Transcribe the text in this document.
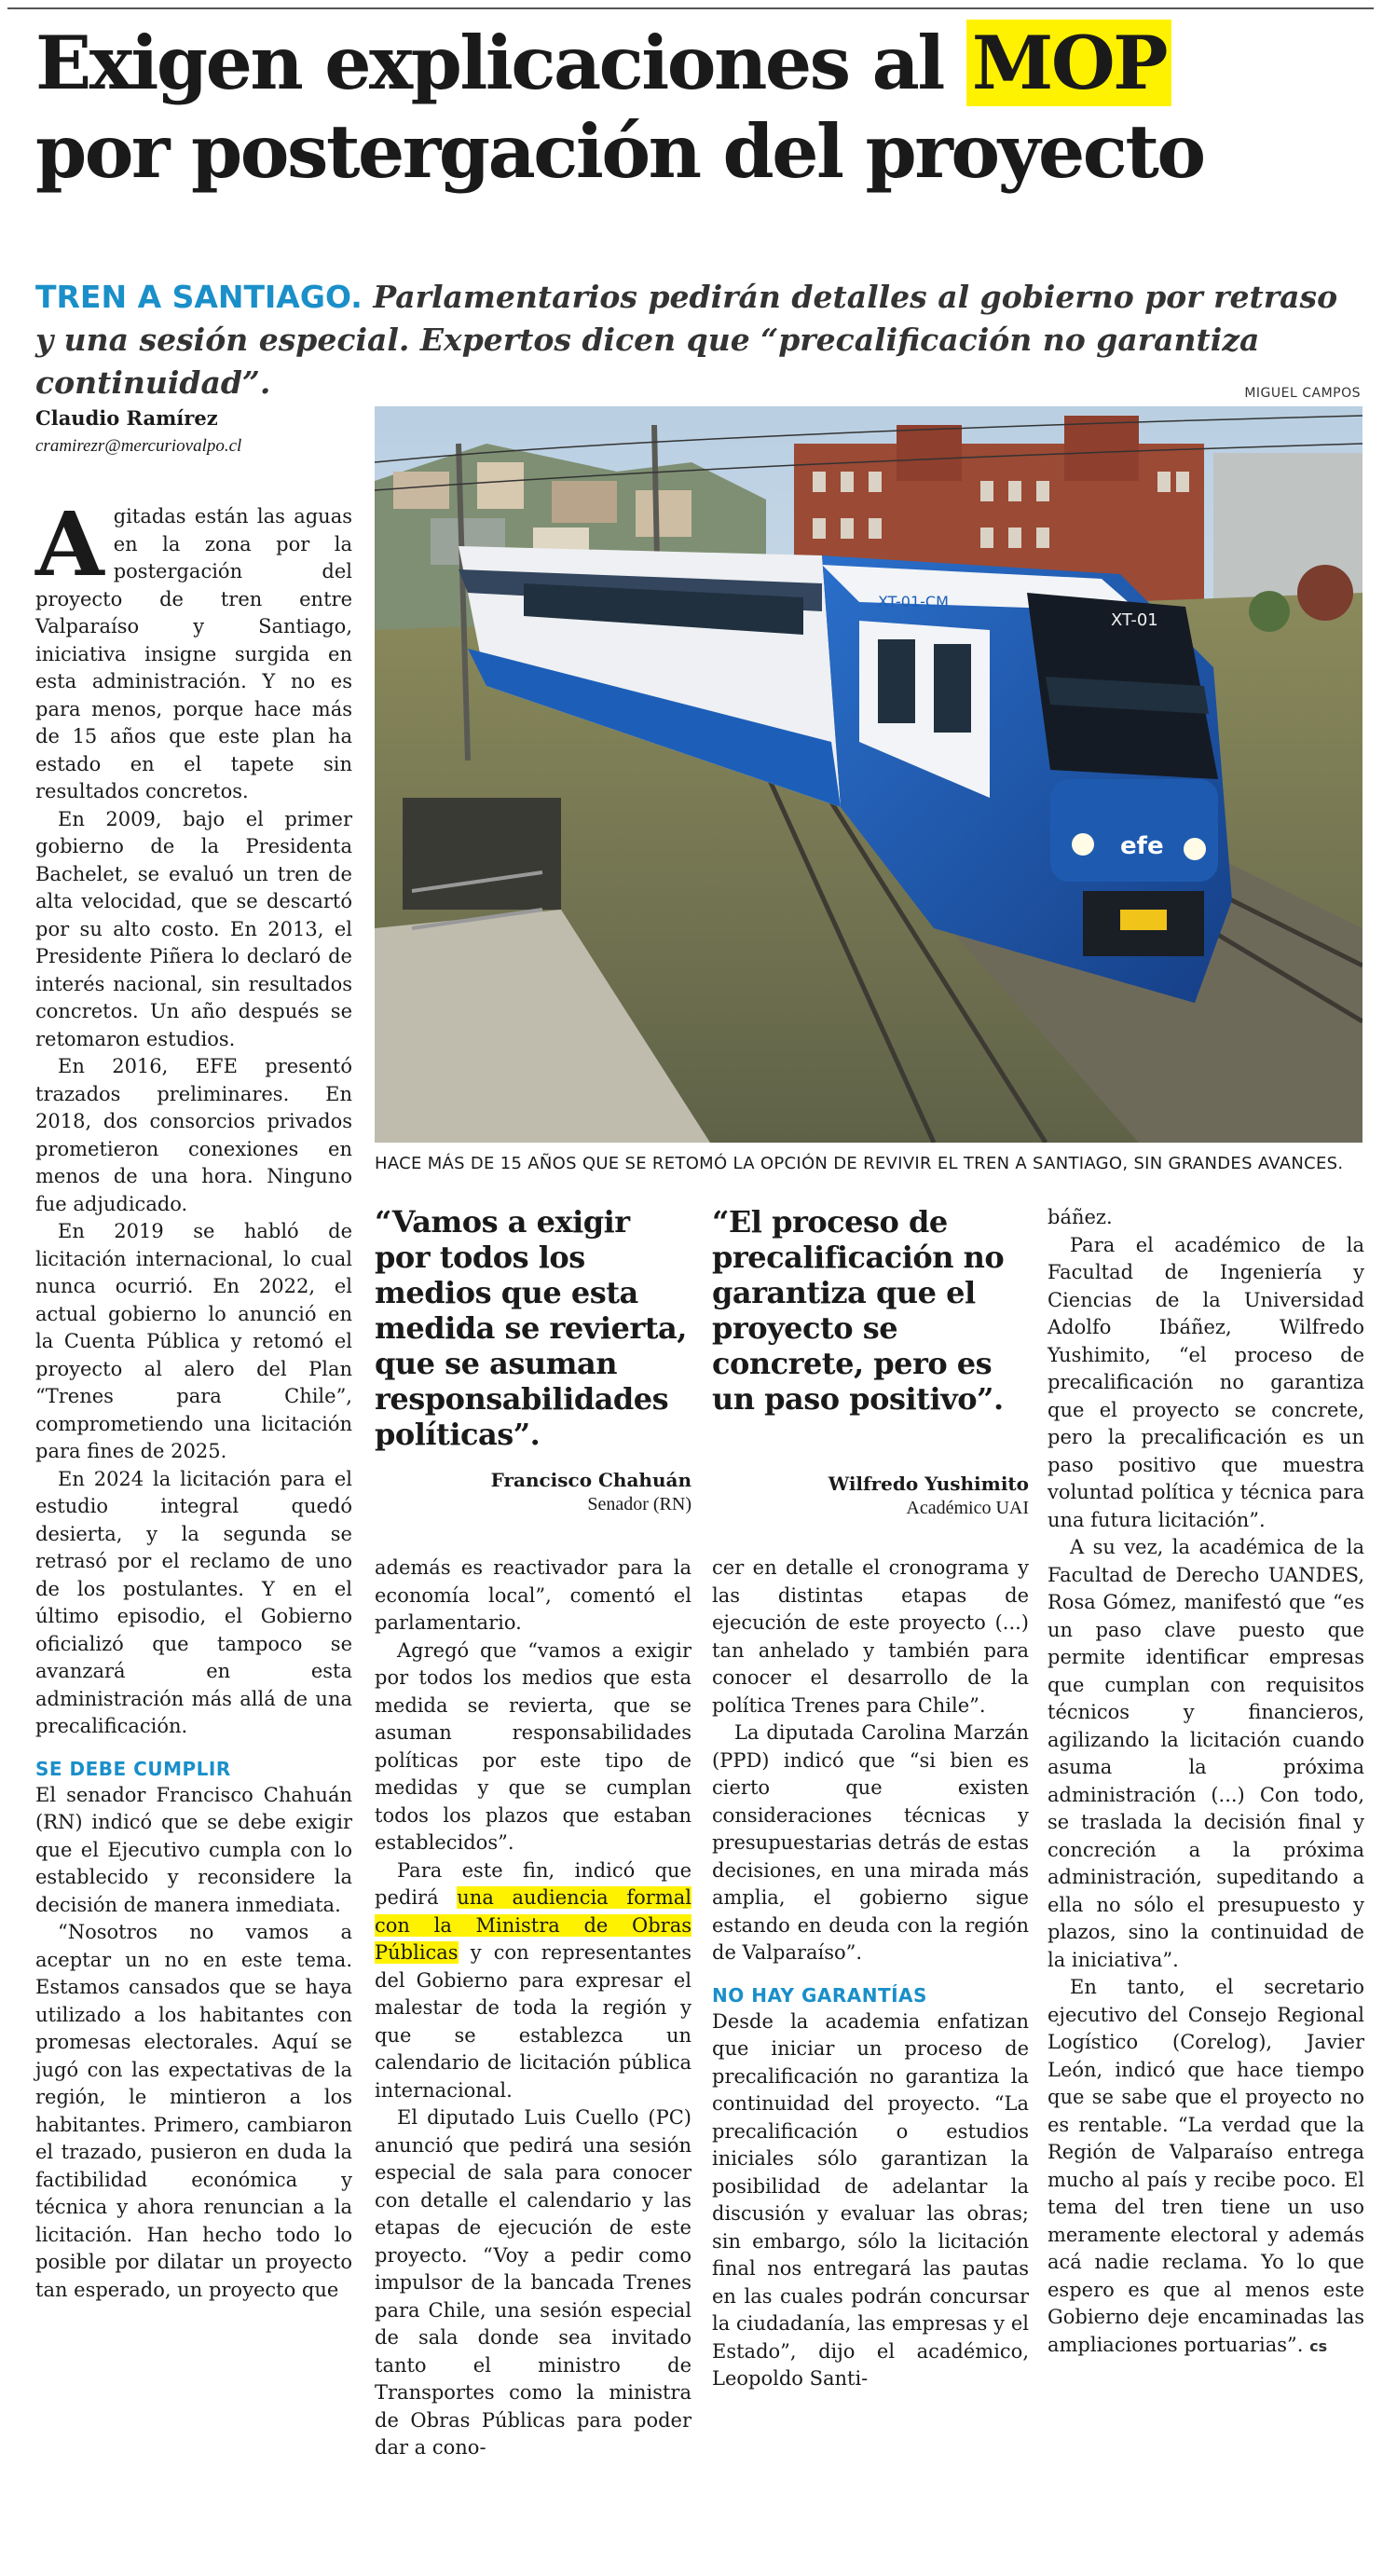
Exigen explicaciones al MOP
por postergación del proyecto

TREN A SANTIAGO. Parlamentarios pedirán detalles al gobierno por retraso y una sesión especial. Expertos dicen que “precalificación no garantiza continuidad”.

Claudio Ramírez
cramirezr@mercuriovalpo.cl
MIGUEL CAMPOS
XT-01
XT-01-CM
efe
HACE MÁS DE 15 AÑOS QUE SE RETOMÓ LA OPCIÓN DE REVIVIR EL TREN A SANTIAGO, SIN GRANDES AVANCES.

Agitadas están las aguas en la zona por la postergación del proyecto de tren entre Valparaíso y Santiago, iniciativa insigne surgida en esta administración. Y no es para menos, porque hace más de 15 años que este plan ha estado en el tapete sin resultados concretos.

En 2009, bajo el primer gobierno de la Presidenta Bachelet, se evaluó un tren de alta velocidad, que se descartó por su alto costo. En 2013, el Presidente Piñera lo declaró de interés nacional, sin resultados concretos. Un año después se retomaron estudios.

En 2016, EFE presentó trazados preliminares. En 2018, dos consorcios privados prometieron conexiones en menos de una hora. Ninguno fue adjudicado.

En 2019 se habló de licitación internacional, lo cual nunca ocurrió. En 2022, el actual gobierno lo anunció en la Cuenta Pública y retomó el proyecto al alero del Plan “Trenes para Chile”, comprometiendo una licitación para fines de 2025.

En 2024 la licitación para el estudio integral quedó desierta, y la segunda se retrasó por el reclamo de uno de los postulantes. Y en el último episodio, el Gobierno oficializó que tampoco se avanzará en esta administración más allá de una precalificación.

SE DEBE CUMPLIR

El senador Francisco Chahuán (RN) indicó que se debe exigir que el Ejecutivo cumpla con lo establecido y reconsidere la decisión de manera inmediata.

“Nosotros no vamos a aceptar un no en este tema. Estamos cansados que se haya utilizado a los habitantes con promesas electorales. Aquí se jugó con las expectativas de la región, le mintieron a los habitantes. Primero, cambiaron el trazado, pusieron en duda la factibilidad económica y técnica y ahora renuncian a la licitación. Han hecho todo lo posible por dilatar un proyecto tan esperado, un proyecto que

“Vamos a exigir por todos los medios que esta medida se revierta, que se asuman responsabilidades políticas”.

Francisco Chahuán
Senador (RN)

“El proceso de precalificación no garantiza que el proyecto se concrete, pero es un paso positivo”.

Wilfredo Yushimito
Académico UAI

además es reactivador para la economía local”, comentó el parlamentario.

Agregó que “vamos a exigir por todos los medios que esta medida se revierta, que se asuman responsabilidades políticas por este tipo de medidas y que se cumplan todos los plazos que estaban establecidos”.

Para este fin, indicó que pedirá una audiencia formal con la Ministra de Obras Públicas y con representantes del Gobierno para expresar el malestar de toda la región y que se establezca un calendario de licitación pública internacional.

El diputado Luis Cuello (PC) anunció que pedirá una sesión especial de sala para conocer con detalle el calendario y las etapas de ejecución de este proyecto. “Voy a pedir como impulsor de la bancada Trenes para Chile, una sesión especial de sala donde sea invitado tanto el ministro de Transportes como la ministra de Obras Públicas para poder dar a cono-

cer en detalle el cronograma y las distintas etapas de ejecución de este proyecto (...) tan anhelado y también para conocer el desarrollo de la política Trenes para Chile”.

La diputada Carolina Marzán (PPD) indicó que “si bien es cierto que existen consideraciones técnicas y presupuestarias detrás de estas decisiones, en una mirada más amplia, el gobierno sigue estando en deuda con la región de Valparaíso”.

NO HAY GARANTÍAS

Desde la academia enfatizan que iniciar un proceso de precalificación no garantiza la continuidad del proyecto. “La precalificación o estudios iniciales sólo garantizan la posibilidad de adelantar la discusión y evaluar las obras; sin embargo, sólo la licitación final nos entregará las pautas en las cuales podrán concursar la ciudadanía, las empresas y el Estado”, dijo el académico, Leopoldo Santi-

báñez.

Para el académico de la Facultad de Ingeniería y Ciencias de la Universidad Adolfo Ibáñez, Wilfredo Yushimito, “el proceso de precalificación no garantiza que el proyecto se concrete, pero la precalificación es un paso positivo que muestra voluntad política y técnica para una futura licitación”.

A su vez, la académica de la Facultad de Derecho UANDES, Rosa Gómez, manifestó que “es un paso clave puesto que permite identificar empresas que cumplan con requisitos técnicos y financieros, agilizando la licitación cuando asuma la próxima administración (...) Con todo, se traslada la decisión final y concreción a la próxima administración, supeditando a ella no sólo el presupuesto y plazos, sino la continuidad de la iniciativa”.

En tanto, el secretario ejecutivo del Consejo Regional Logístico (Corelog), Javier León, indicó que hace tiempo que se sabe que el proyecto no es rentable. “La verdad que la Región de Valparaíso entrega mucho al país y recibe poco. El tema del tren tiene un uso meramente electoral y además acá nadie reclama. Yo lo que espero es que al menos este Gobierno deje encaminadas las ampliaciones portuarias”. cs
